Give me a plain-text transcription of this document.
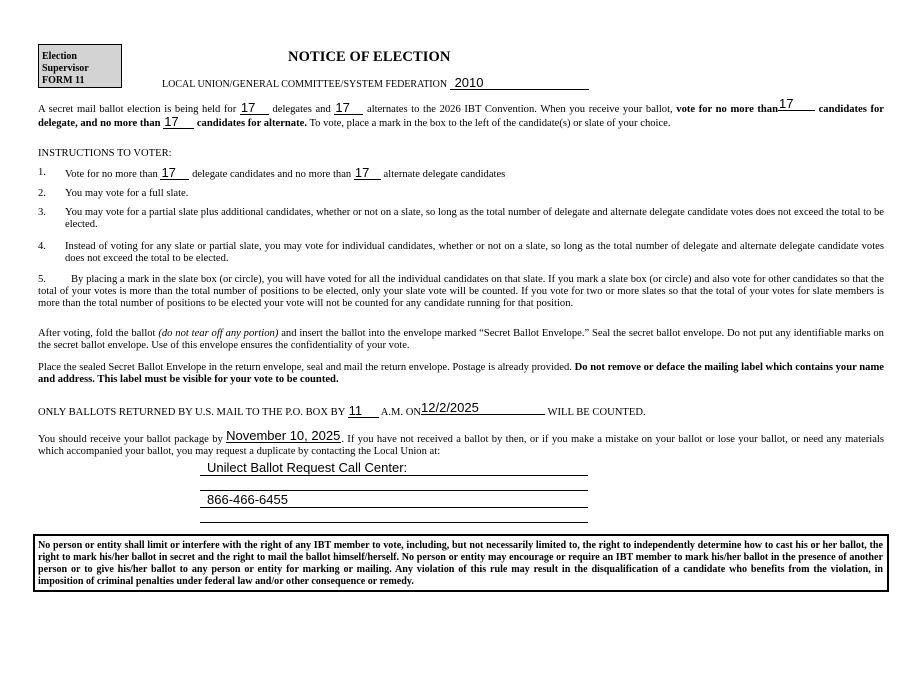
Election
Supervisor
FORM 11
NOTICE OF ELECTION
LOCAL UNION/GENERAL COMMITTEE/SYSTEM FEDERATION 2010
A secret mail ballot election is being held for 17 delegates and 17 alternates to the 2026 IBT Convention. When you receive your ballot, vote for no more than17 candidates for delegate, and no more than 17 candidates for alternate. To vote, place a mark in the box to the left of the candidate(s) or slate of your choice.
INSTRUCTIONS TO VOTER:
1. Vote for no more than 17 delegate candidates and no more than 17 alternate delegate candidates
2. You may vote for a full slate.
3. You may vote for a partial slate plus additional candidates, whether or not on a slate, so long as the total number of delegate and alternate delegate candidate votes does not exceed the total to be elected.
4. Instead of voting for any slate or partial slate, you may vote for individual candidates, whether or not on a slate, so long as the total number of delegate and alternate delegate candidate votes does not exceed the total to be elected.
5. By placing a mark in the slate box (or circle), you will have voted for all the individual candidates on that slate. If you mark a slate box (or circle) and also vote for other candidates so that the total of your votes is more than the total number of positions to be elected, only your slate vote will be counted. If you vote for two or more slates so that the total of your votes for slate members is more than the total number of positions to be elected your vote will not be counted for any candidate running for that position.
After voting, fold the ballot (do not tear off any portion) and insert the ballot into the envelope marked “Secret Ballot Envelope.” Seal the secret ballot envelope. Do not put any identifiable marks on the secret ballot envelope. Use of this envelope ensures the confidentiality of your vote.
Place the sealed Secret Ballot Envelope in the return envelope, seal and mail the return envelope. Postage is already provided. Do not remove or deface the mailing label which contains your name and address. This label must be visible for your vote to be counted.
ONLY BALLOTS RETURNED BY U.S. MAIL TO THE P.O. BOX BY 11 A.M. ON12/2/2025	WILL BE COUNTED.
You should receive your ballot package by November 10, 2025. If you have not received a ballot by then, or if you make a mistake on your ballot or lose your ballot, or need any materials which accompanied your ballot, you may request a duplicate by contacting the Local Union at:
Unilect Ballot Request Call Center:
866-466-6455
No person or entity shall limit or interfere with the right of any IBT member to vote, including, but not necessarily limited to, the right to independently determine how to cast his or her ballot, the right to mark his/her ballot in secret and the right to mail the ballot himself/herself. No person or entity may encourage or require an IBT member to mark his/her ballot in the presence of another person or to give his/her ballot to any person or entity for marking or mailing. Any violation of this rule may result in the disqualification of a candidate who benefits from the violation, in imposition of criminal penalties under federal law and/or other consequence or remedy.
